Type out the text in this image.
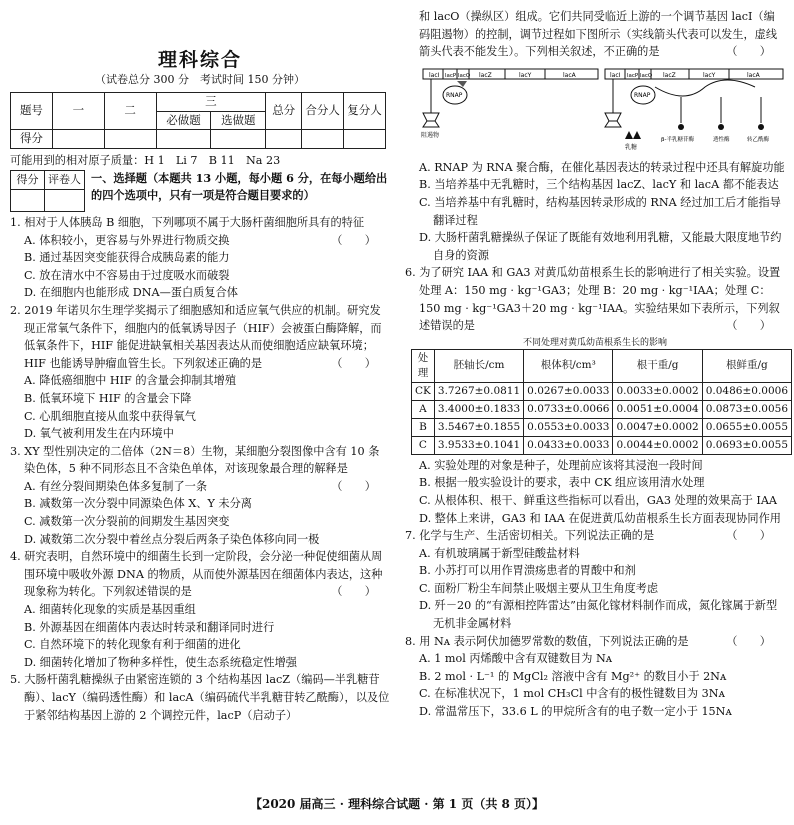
理科综合
（试卷总分 300 分　考试时间 150 分钟）
题号	一	二	三		总分	合分人	复分人
			必做题	选做题			
得分							
可能用到的相对原子质量：H 1　Li 7　B 11　Na 23
得分	评卷人
	一、选择题（本题共 13 小题，每小题 6 分，在每小题给出的四个选项中，只有一项是符合题目要求的）
1. 相对于人体胰岛 B 细胞，下列哪项不属于大肠杆菌细胞所具有的特征
（　　）
A. 体积较小，更容易与外界进行物质交换
B. 通过基因突变能获得合成胰岛素的能力
C. 放在清水中不容易由于过度吸水而破裂
D. 在细胞内也能形成 DNA—蛋白质复合体
2. 2019 年诺贝尔生理学奖揭示了细胞感知和适应氧气供应的机制。研究发现正常氧气条件下，细胞内的低氧诱导因子（HIF）会被蛋白酶降解，而低氧条件下，HIF 能促进缺氧相关基因表达从而使细胞适应缺氧环境；HIF 也能诱导肿瘤血管生长。下列叙述正确的是	（　　）
A. 降低癌细胞中 HIF 的含量会抑制其增殖
B. 低氧环境下 HIF 的含量会下降
C. 心肌细胞直接从血浆中获得氧气
D. 氧气被利用发生在内环境中
3. XY 型性别决定的二倍体（2N＝8）生物，某细胞分裂图像中含有 10 条染色体，5 种不同形态且不含染色单体，对该现象最合理的解释是
（　　）
A. 有丝分裂间期染色体多复制了一条
B. 减数第一次分裂中同源染色体 X、Y 未分离
C. 减数第一次分裂前的间期发生基因突变
D. 减数第二次分裂中着丝点分裂后两条子染色体移向同一极
4. 研究表明，自然环境中的细菌生长到一定阶段，会分泌一种促使细菌从周围环境中吸收外源 DNA 的物质，从而使外源基因在细菌体内表达，这种现象称为转化。下列叙述错误的是	（　　）
A. 细菌转化现象的实质是基因重组
B. 外源基因在细菌体内表达时转录和翻译同时进行
C. 自然环境下的转化现象有利于细菌的进化
D. 细菌转化增加了物种多样性，使生态系统稳定性增强
5. 大肠杆菌乳糖操纵子由紧密连锁的 3 个结构基因 lacZ（编码—半乳糖苷酶）、lacY（编码透性酶）和 lacA（编码硫代半乳糖苷转乙酰酶），以及位于紧邻结构基因上游的 2 个调控元件，lacP（启动子）
和 lacO（操纵区）组成。它们共同受临近上游的一个调节基因 lacI（编码阻遏物）的控制，调节过程如下图所示（实线箭头代表可以发生，虚线箭头代表不能发生）。下列相关叙述，不正确的是	（　　）
lacI lacP lacO lacZ	lacY	lacA
RNAP
阻遏物
lacI lacP lacO lacZ	lacY	lacA
RNAP
乳糖
β-半乳糖苷酶	透性酶	转乙酰酶
A. RNAP 为 RNA 聚合酶，在催化基因表达的转录过程中还具有解旋功能
B. 当培养基中无乳糖时，三个结构基因 lacZ、lacY 和 lacA 都不能表达
C. 当培养基中有乳糖时，结构基因转录形成的 RNA 经过加工后才能指导翻译过程
D. 大肠杆菌乳糖操纵子保证了既能有效地利用乳糖，又能最大限度地节约自身的资源
6. 为了研究 IAA 和 GA3 对黄瓜幼苗根系生长的影响进行了相关实验。设置处理 A：150 mg · kg⁻¹GA3；处理 B：20 mg · kg⁻¹IAA；处理 C：150 mg · kg⁻¹GA3＋20 mg · kg⁻¹IAA。实验结果如下表所示，下列叙述错误的是	（　　）
不同处理对黄瓜幼苗根系生长的影响
处理	胚轴长/cm	根体积/cm³	根干重/g	根鲜重/g
CK	3.7267±0.0811	0.0267±0.0033	0.0033±0.0002	0.0486±0.0006
A	3.4000±0.1833	0.0733±0.0066	0.0051±0.0004	0.0873±0.0056
B	3.5467±0.1855	0.0553±0.0033	0.0047±0.0002	0.0655±0.0055
C	3.9533±0.1041	0.0433±0.0033	0.0044±0.0002	0.0693±0.0055
A. 实验处理的对象是种子，处理前应该将其浸泡一段时间
B. 根据一般实验设计的要求，表中 CK 组应该用清水处理
C. 从根体积、根干、鲜重这些指标可以看出，GA3 处理的效果高于 IAA
D. 整体上来讲，GA3 和 IAA 在促进黄瓜幼苗根系生长方面表现协同作用
7. 化学与生产、生活密切相关。下列说法正确的是	（　　）
A. 有机玻璃属于新型硅酸盐材料
B. 小苏打可以用作胃溃疡患者的胃酸中和剂
C. 面粉厂粉尘车间禁止吸烟主要从卫生角度考虑
D. 歼－20 的“有源相控阵雷达”由氮化镓材料制作而成，氮化镓属于新型无机非金属材料
8. 用 Nᴀ 表示阿伏加德罗常数的数值，下列说法正确的是	（　　）
A. 1 mol 丙烯酸中含有双键数目为 Nᴀ
B. 2 mol · L⁻¹ 的 MgCl₂ 溶液中含有 Mg²⁺ 的数目小于 2Nᴀ
C. 在标准状况下，1 mol CH₃Cl 中含有的极性键数目为 3Nᴀ
D. 常温常压下，33.6 L 的甲烷所含有的电子数一定小于 15Nᴀ
【2020 届高三 · 理科综合试题 · 第 1 页（共 8 页）】
